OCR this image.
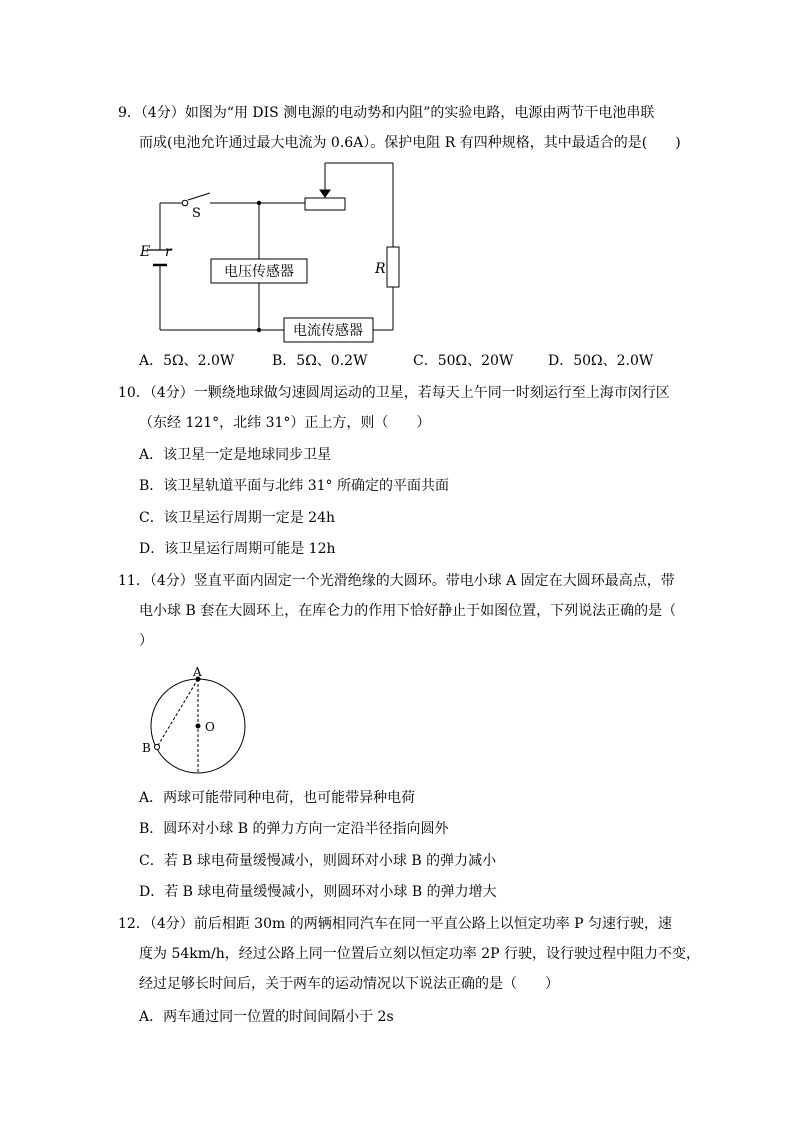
9．（4分）如图为“用 DIS 测电源的电动势和内阻”的实验电路，电源由两节干电池串联
而成(电池允许通过最大电流为 0.6A）。保护电阻 R 有四种规格，其中最适合的是(　　)
S
E r
R
电压传感器
电流传感器
A．5Ω、2.0W	B．5Ω、0.2W	C．50Ω、20W D．50Ω、2.0W
10．（4分）一颗绕地球做匀速圆周运动的卫星，若每天上午同一时刻运行至上海市闵行区
（东经 121°，北纬 31°）正上方，则（　　）
A．该卫星一定是地球同步卫星
B．该卫星轨道平面与北纬 31° 所确定的平面共面
C．该卫星运行周期一定是 24h
D．该卫星运行周期可能是 12h
11．（4分）竖直平面内固定一个光滑绝缘的大圆环。带电小球 A 固定在大圆环最高点，带
电小球 B 套在大圆环上，在库仑力的作用下恰好静止于如图位置，下列说法正确的是（
）
A
B
O
A．两球可能带同种电荷，也可能带异种电荷
B．圆环对小球 B 的弹力方向一定沿半径指向圆外
C．若 B 球电荷量缓慢减小，则圆环对小球 B 的弹力减小
D．若 B 球电荷量缓慢减小，则圆环对小球 B 的弹力增大
12．（4分）前后相距 30m 的两辆相同汽车在同一平直公路上以恒定功率 P 匀速行驶，速
度为 54km/h，经过公路上同一位置后立刻以恒定功率 2P 行驶，设行驶过程中阻力不变，
经过足够长时间后，关于两车的运动情况以下说法正确的是（　　）
A．两车通过同一位置的时间间隔小于 2s
